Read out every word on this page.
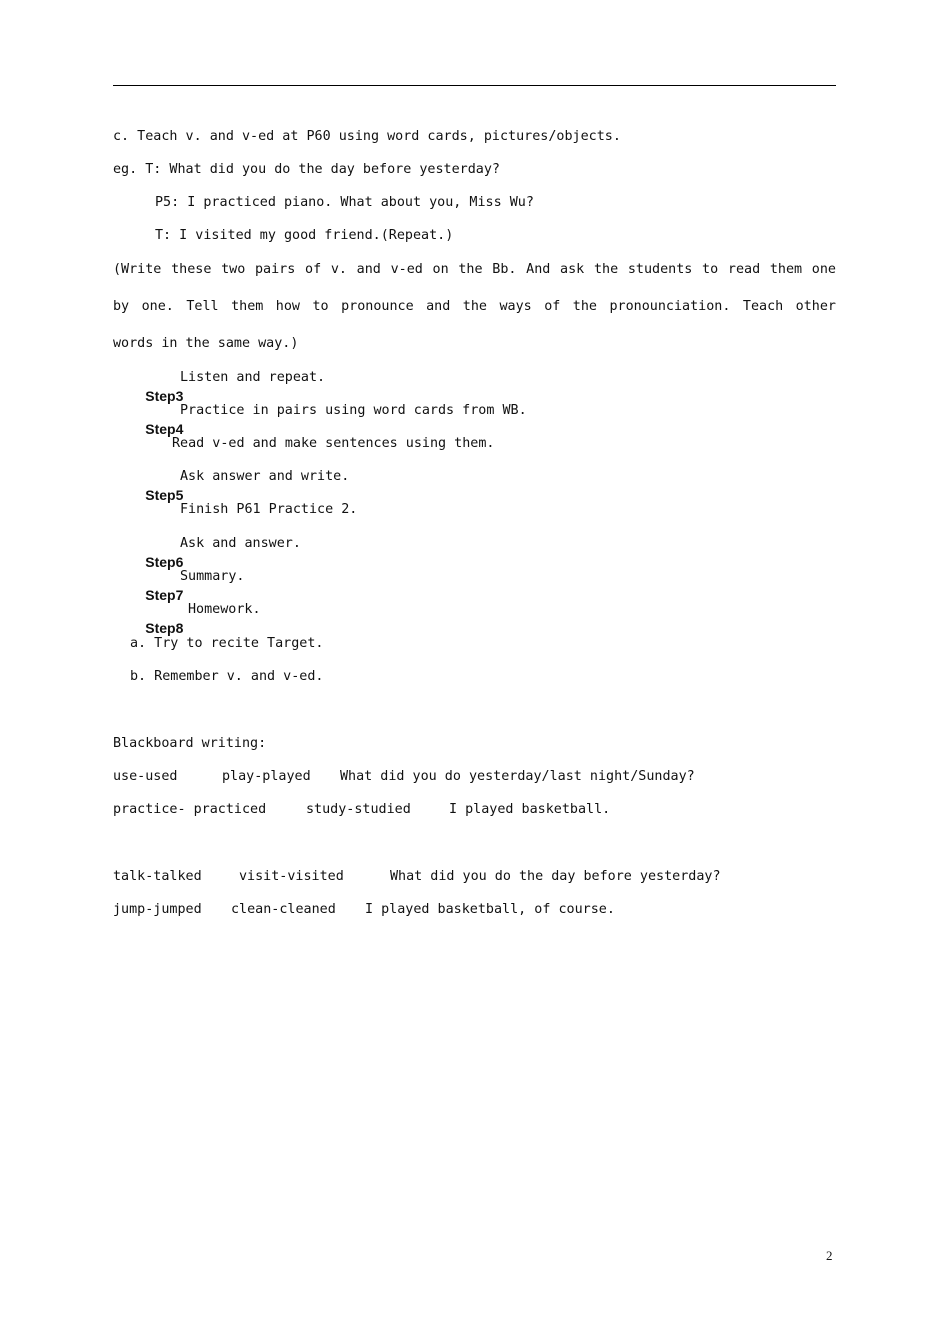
c. Teach v. and v-ed at P60 using word cards, pictures/objects.
eg. T: What did you do the day before yesterday?
P5: I practiced piano. What about you, Miss Wu?
T: I visited my good friend.(Repeat.)
(Write these two pairs of v. and v-ed on the Bb. And ask the students to read them one
by one. Tell them how to pronounce and the ways of the pronounciation. Teach other
words in the same way.)

Step3

Listen and repeat.

Step4

Practice in pairs using word cards from WB.
Read v-ed and make sentences using them.

Step5

Ask answer and write.
Finish P61 Practice 2.

Step6

Ask and answer.

Step7

Summary.

Step8

Homework.
a. Try to recite Target.
b. Remember v. and v-ed.
Blackboard writing:
use-used	play-played What did you do yesterday/last night/Sunday?
practice- practiced	study-studied	I played basketball.
talk-talked	visit-visited	What did you do the day before yesterday?
jump-jumped clean-cleaned I played basketball, of course.
2
